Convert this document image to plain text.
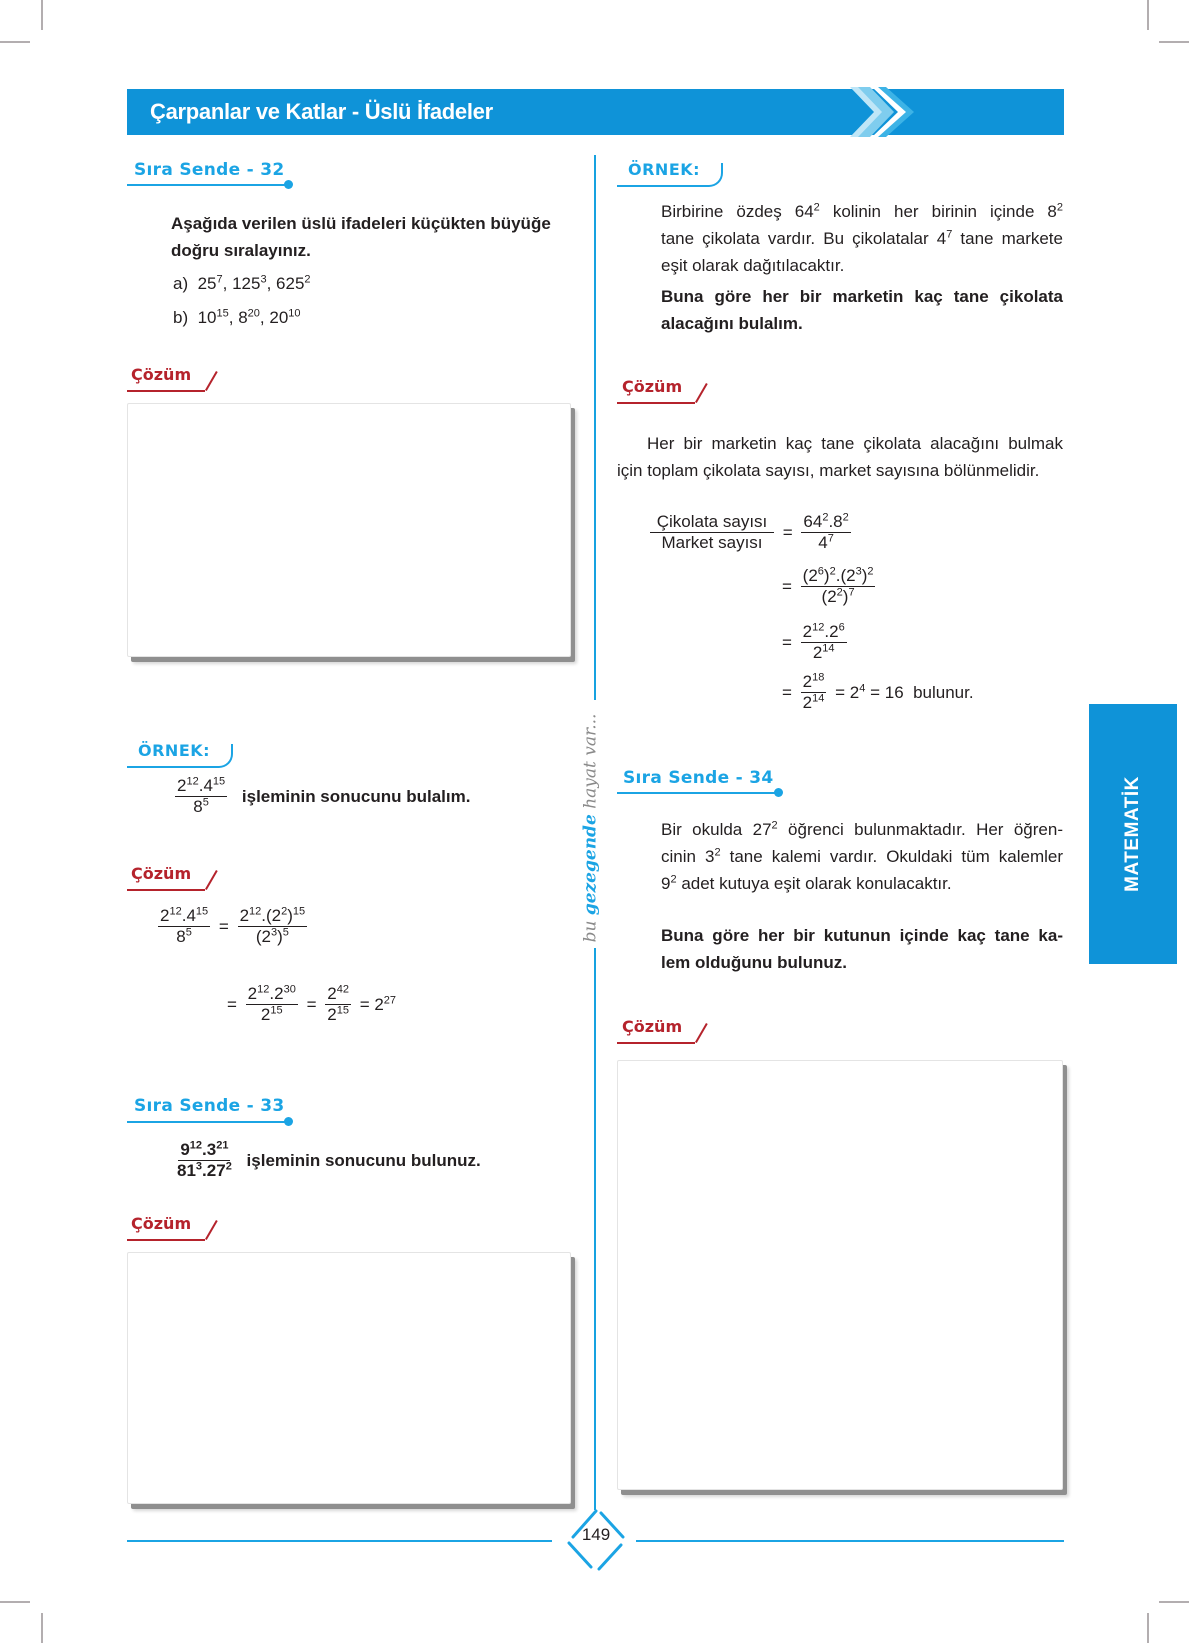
Çarpanlar ve Katlar - Üslü İfadeler
bu gezegende hayat var...
MATEMATİK
Sıra Sende - 32
Aşağıda verilen üslü ifadeleri küçükten büyüğe
doğru sıralayınız.
a) $25^7$, $125^3$, $625^2$
b) $10^{15}$, $8^{20}$, $20^{10}$
Çözüm
ÖRNEK:
$\frac{2^{12}.4^{15}}{8^5}$ işleminin sonucunu bulalım.
Çözüm
$\frac{2^{12}.4^{15}}{8^5} = \frac{2^{12}.(2^2)^{15}}{(2^3)^5}$
= $\frac{2^{12}.2^{30}}{2^{15}} = \frac{2^{42}}{2^{15}} = 2^{27}$
Sıra Sende - 33
$\frac{9^{12}.3^{21}}{81^3.27^2}$ işleminin sonucunu bulunuz.
Çözüm
ÖRNEK:
Birbirine özdeş $64^2$ kolinin her birinin içinde $8^2$
tane çikolata vardır. Bu çikolatalar $4^7$ tane markete
eşit olarak dağıtılacaktır.
Buna göre her bir marketin kaç tane çikolata
alacağını bulalım.
Çözüm
Her bir marketin kaç tane çikolata alacağını bulmak
için toplam çikolata sayısı, market sayısına bölünmelidir.
$\frac{\text{Çikolata sayısı}}{\text{Market sayısı}} = \frac{64^2.8^2}{4^7}$
= $\frac{(2^6)^2.(2^3)^2}{(2^2)^7}$
= $\frac{2^{12}.2^6}{2^{14}}$
= $\frac{2^{18}}{2^{14}} = 2^4 = 16$  bulunur.
Sıra Sende - 34
Bir okulda $27^2$ öğrenci bulunmaktadır. Her öğren-
cinin $3^2$ tane kalemi vardır. Okuldaki tüm kalemler
$9^2$ adet kutuya eşit olarak konulacaktır.
Buna göre her bir kutunun içinde kaç tane ka-
lem olduğunu bulunuz.
Çözüm
149
